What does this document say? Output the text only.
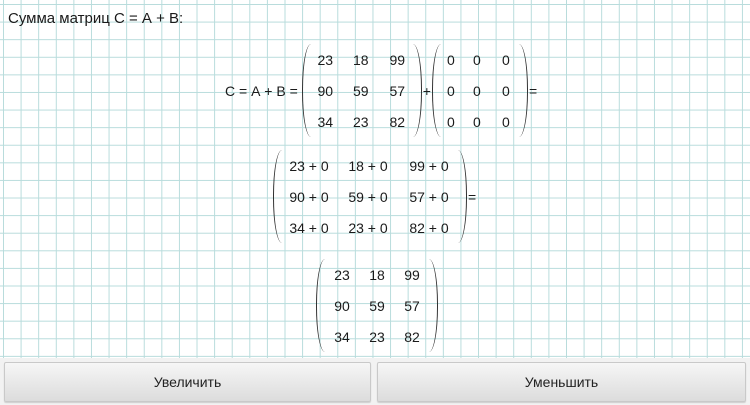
Сумма матриц С = А + В:
С = А + В =
23	18	99
90	59	57
34	23	82
+
0	0	0
0	0	0
0	0	0
=
23 + 0	18 + 0	99 + 0
90 + 0	59 + 0	57 + 0
34 + 0	23 + 0	82 + 0
=
23	18	99
90	59	57
34	23	82
Увеличить	Уменьшить
